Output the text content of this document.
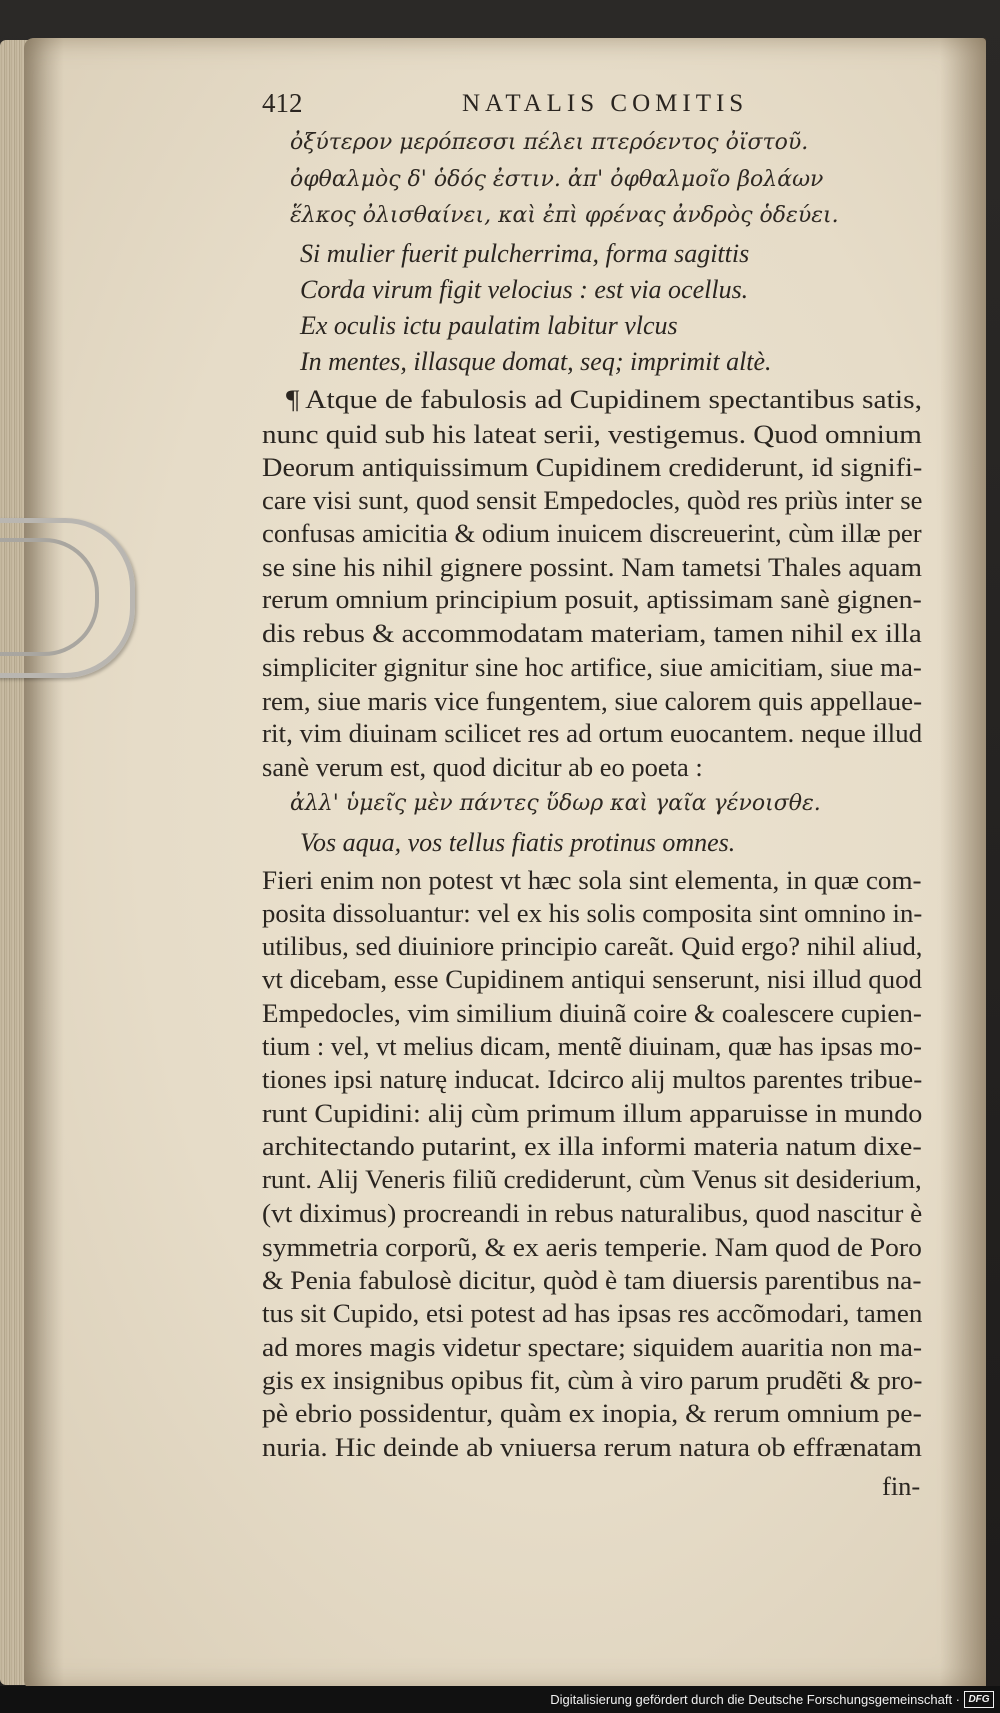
412	NATALIS COMITIS
ὀξύτερον μερόπεσσι πέλει πτερόεντος ὀϊστοῦ.
ὀφθαλμὸς δ' ὁδός ἐστιν. ἀπ' ὀφθαλμοῖο βολάων
ἕλκος ὀλισθαίνει, καὶ ἐπὶ φρένας ἀνδρὸς ὁδεύει.
Si mulier fuerit pulcherrima, forma sagittis
Corda virum figit velocius : est via ocellus.
Ex oculis ictu paulatim labitur vlcus
In mentes, illasque domat, seq; imprimit altè.
¶ Atque de fabulosis ad Cupidinem spectantibus satis,
nunc quid sub his lateat serii, vestigemus. Quod omnium
Deorum antiquissimum Cupidinem crediderunt, id signifi-
care visi sunt, quod sensit Empedocles, quòd res priùs inter se
confusas amicitia & odium inuicem discreuerint, cùm illæ per
se sine his nihil gignere possint. Nam tametsi Thales aquam
rerum omnium principium posuit, aptissimam sanè gignen-
dis rebus & accommodatam materiam, tamen nihil ex illa
simpliciter gignitur sine hoc artifice, siue amicitiam, siue ma-
rem, siue maris vice fungentem, siue calorem quis appellaue-
rit, vim diuinam scilicet res ad ortum euocantem. neque illud
sanè verum est, quod dicitur ab eo poeta :
ἀλλ' ὑμεῖς μὲν πάντες ὕδωρ καὶ γαῖα γένοισθε.
Vos aqua, vos tellus fiatis protinus omnes.
Fieri enim non potest vt hæc sola sint elementa, in quæ com-
posita dissoluantur: vel ex his solis composita sint omnino in-
utilibus, sed diuiniore principio careãt. Quid ergo? nihil aliud,
vt dicebam, esse Cupidinem antiqui senserunt, nisi illud quod
Empedocles, vim similium diuinã coire & coalescere cupien-
tium : vel, vt melius dicam, mentẽ diuinam, quæ has ipsas mo-
tiones ipsi naturę inducat. Idcirco alij multos parentes tribue-
runt Cupidini: alij cùm primum illum apparuisse in mundo
architectando putarint, ex illa informi materia natum dixe-
runt. Alij Veneris filiũ crediderunt, cùm Venus sit desiderium,
(vt diximus) procreandi in rebus naturalibus, quod nascitur è
symmetria corporũ, & ex aeris temperie. Nam quod de Poro
& Penia fabulosè dicitur, quòd è tam diuersis parentibus na-
tus sit Cupido, etsi potest ad has ipsas res accõmodari, tamen
ad mores magis videtur spectare; siquidem auaritia non ma-
gis ex insignibus opibus fit, cùm à viro parum prudẽti & pro-
pè ebrio possidentur, quàm ex inopia, & rerum omnium pe-
nuria. Hic deinde ab vniuersa rerum natura ob effrænatam
fin-
Digitalisierung gefördert durch die Deutsche Forschungsgemeinschaft · DFG
